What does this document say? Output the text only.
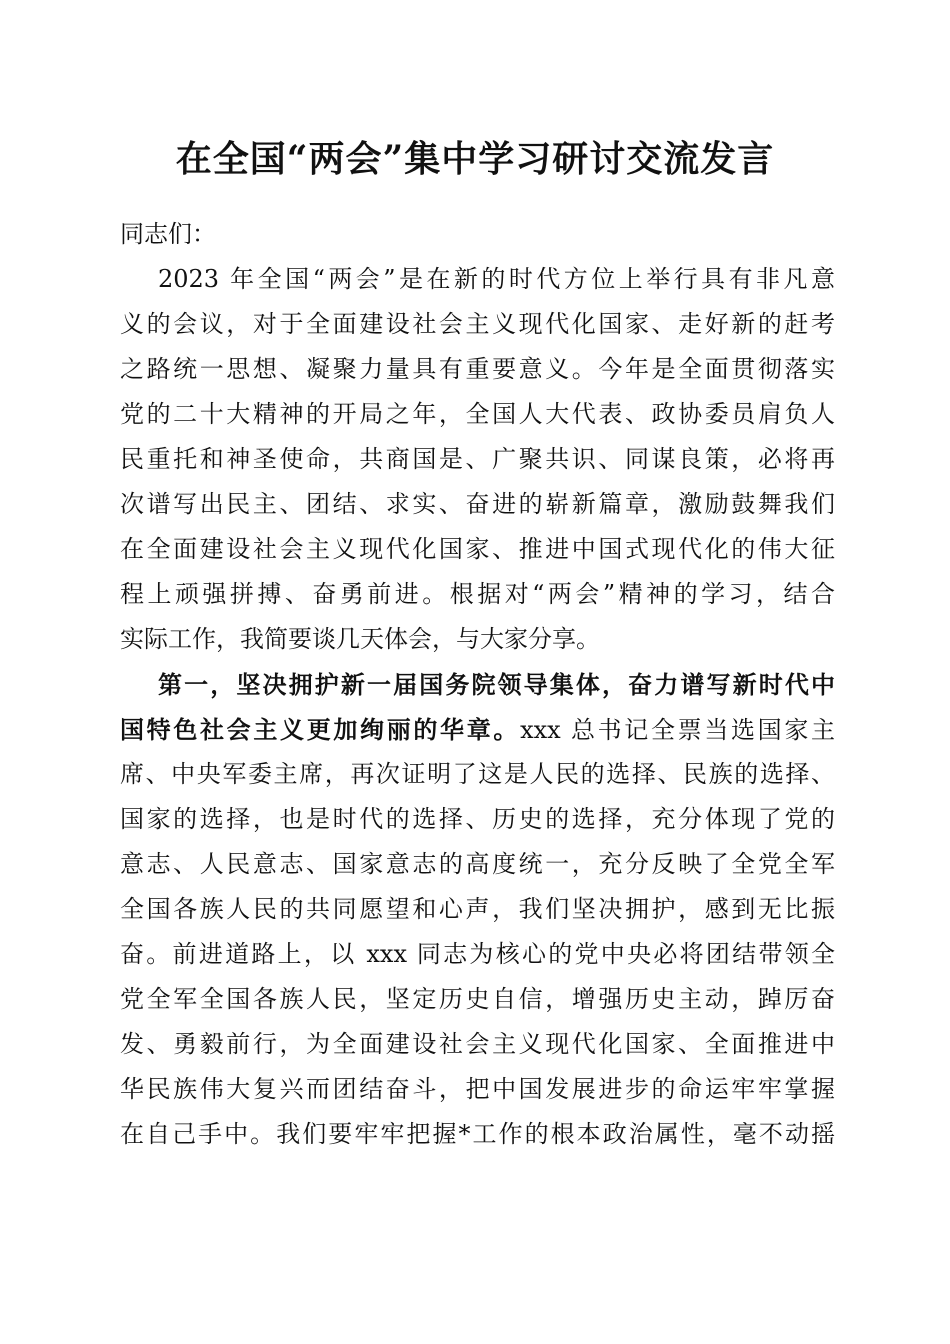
在全国“两会”集中学习研讨交流发言

同志们：

2023 年全国“两会”是在新的时代方位上举行具有非凡意
义的会议，对于全面建设社会主义现代化国家、走好新的赶考
之路统一思想、凝聚力量具有重要意义。今年是全面贯彻落实
党的二十大精神的开局之年，全国人大代表、政协委员肩负人
民重托和神圣使命，共商国是、广聚共识、同谋良策，必将再
次谱写出民主、团结、求实、奋进的崭新篇章，激励鼓舞我们
在全面建设社会主义现代化国家、推进中国式现代化的伟大征
程上顽强拼搏、奋勇前进。根据对“两会”精神的学习，结合
实际工作，我简要谈几天体会，与大家分享。

第一，坚决拥护新一届国务院领导集体，奋力谱写新时代中
国特色社会主义更加绚丽的华章。xxx 总书记全票当选国家主
席、中央军委主席，再次证明了这是人民的选择、民族的选择、
国家的选择，也是时代的选择、历史的选择，充分体现了党的
意志、人民意志、国家意志的高度统一，充分反映了全党全军
全国各族人民的共同愿望和心声，我们坚决拥护，感到无比振
奋。前进道路上，以 xxx 同志为核心的党中央必将团结带领全
党全军全国各族人民，坚定历史自信，增强历史主动，踔厉奋
发、勇毅前行，为全面建设社会主义现代化国家、全面推进中
华民族伟大复兴而团结奋斗，把中国发展进步的命运牢牢掌握
在自己手中。我们要牢牢把握*工作的根本政治属性，毫不动摇
